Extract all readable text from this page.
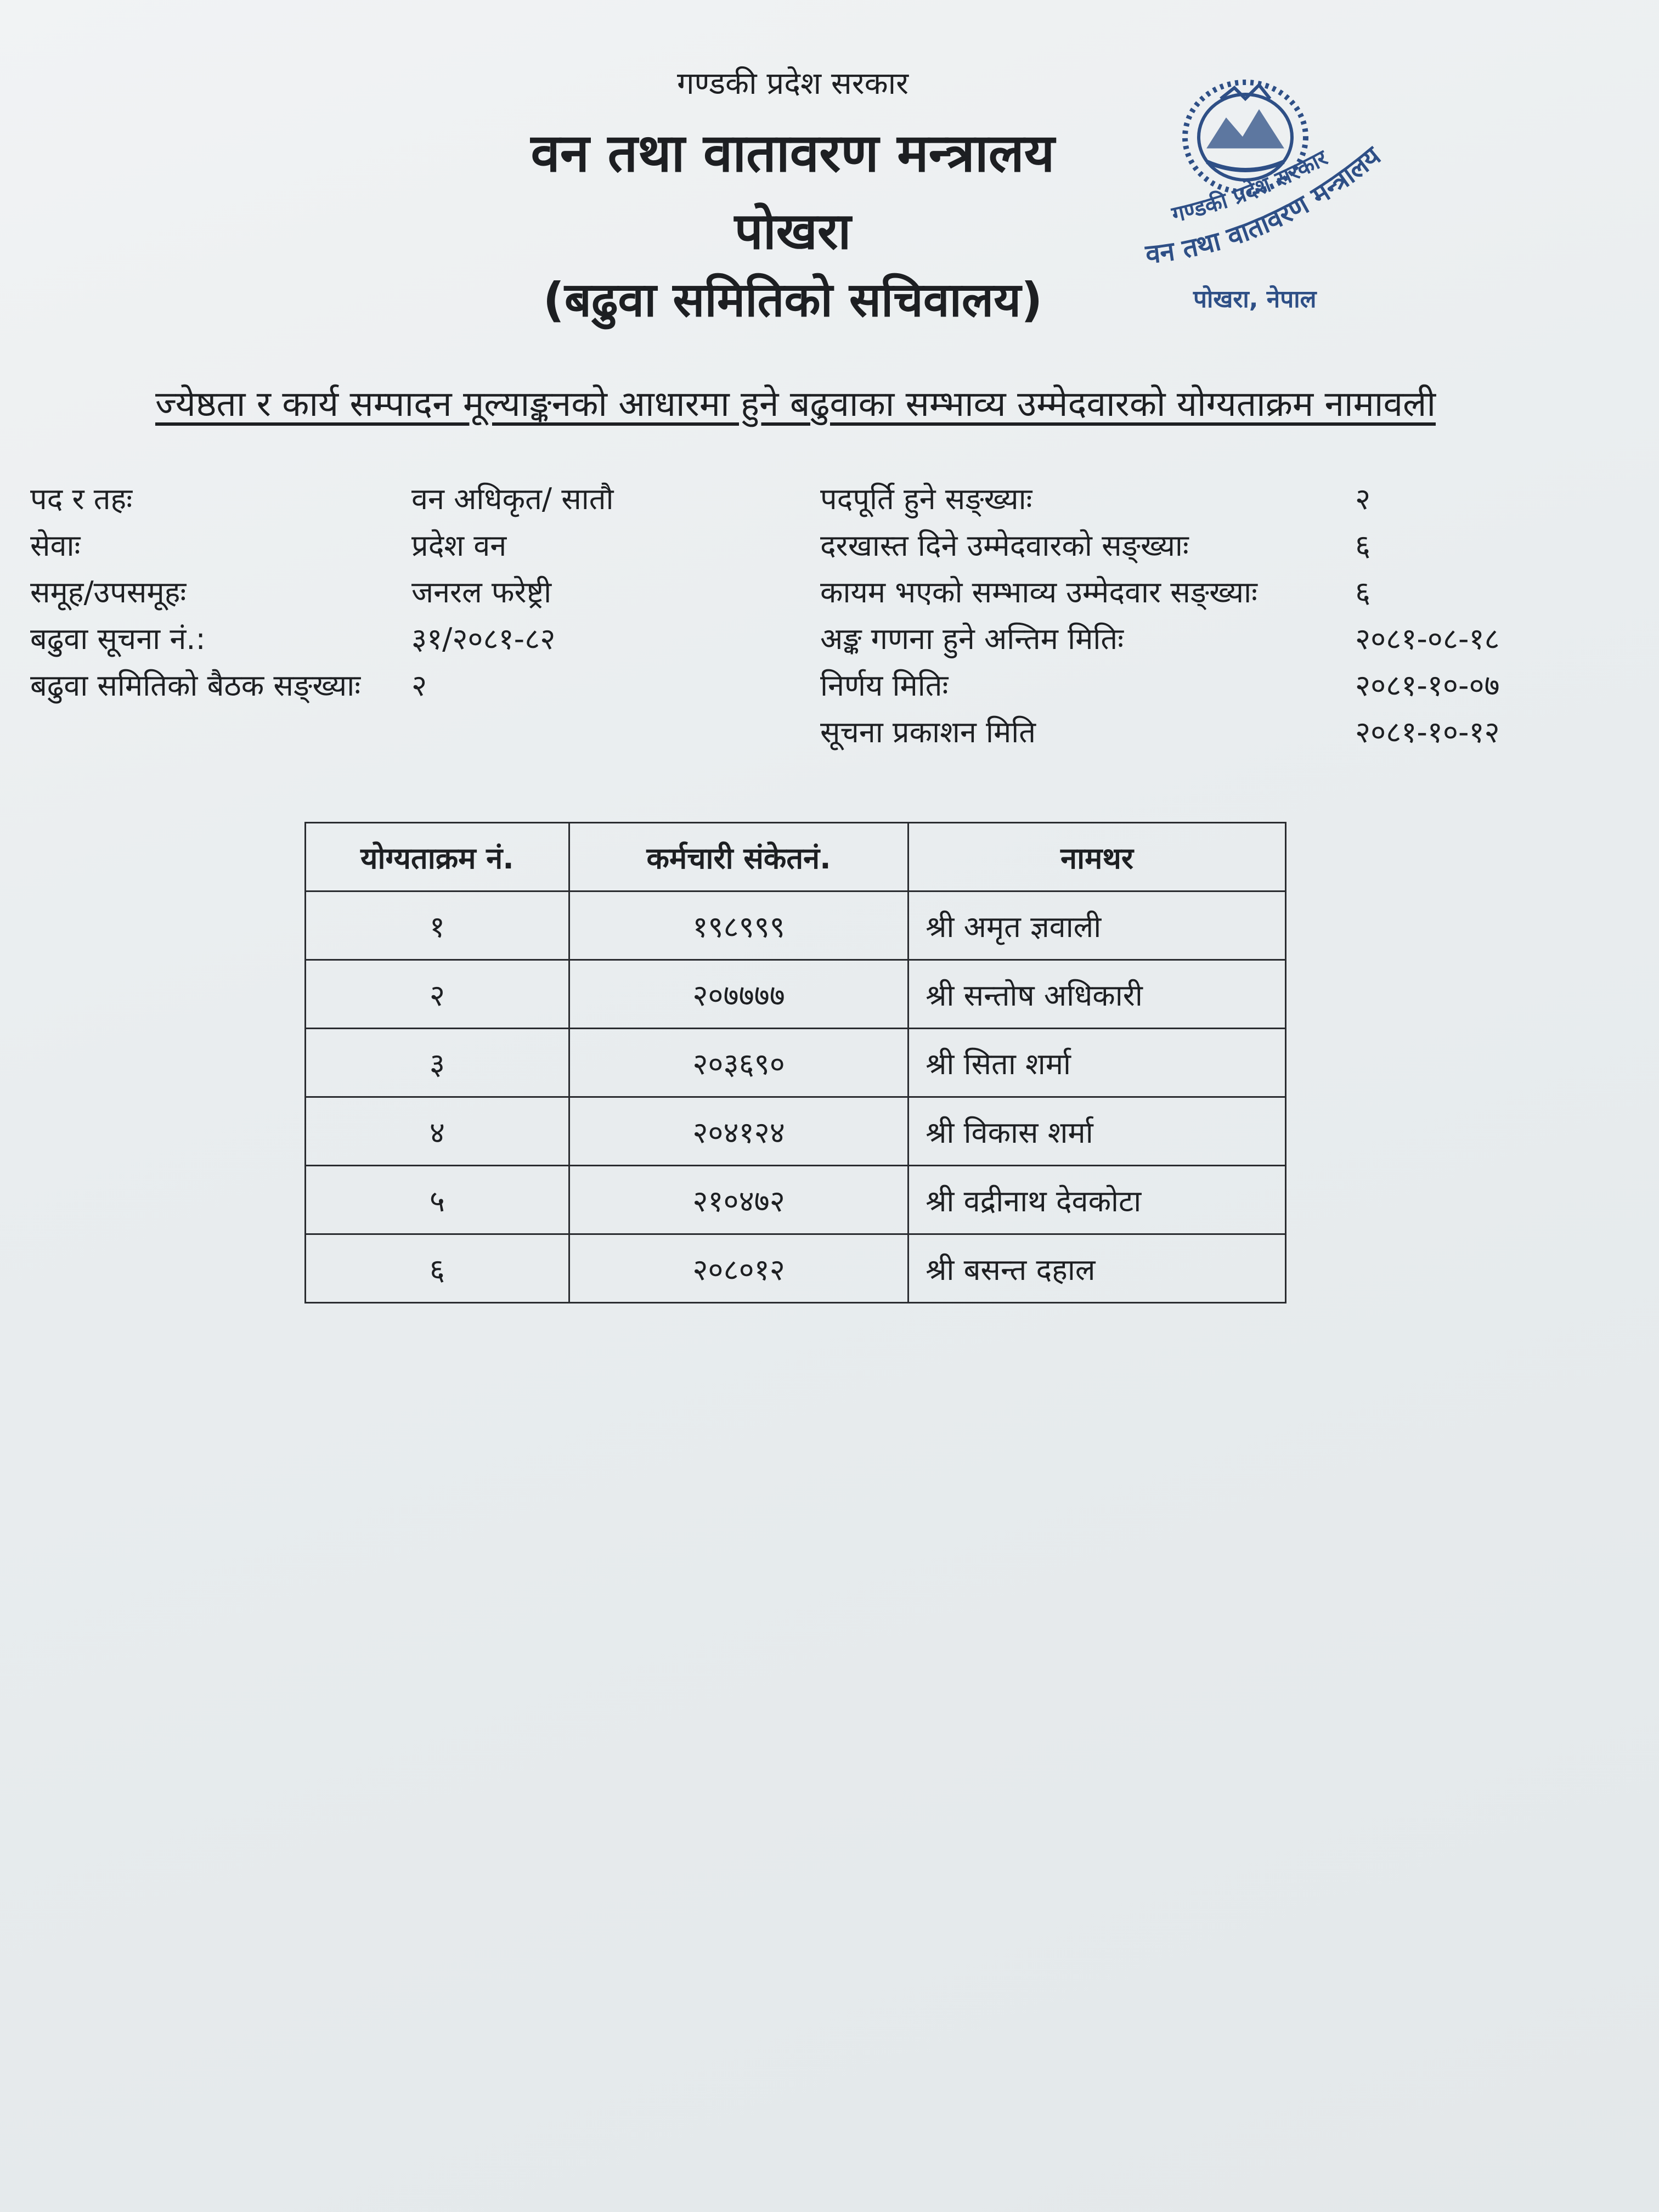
गण्डकी प्रदेश सरकार
वन तथा वातावरण मन्त्रालय
पोखरा
(बढुवा समितिको सचिवालय)
गण्डकी प्रदेश सरकार
वन तथा वातावरण मन्त्रालय
पोखरा, नेपाल
ज्येष्ठता र कार्य सम्पादन मूल्याङ्कनको आधारमा हुने बढुवाका सम्भाव्य उम्मेदवारको योग्यताक्रम नामावली
पद र तहः	वन अधिकृत/ सातौ
सेवाः	प्रदेश वन
समूह/उपसमूहः	जनरल फरेष्ट्री
बढुवा सूचना नं.:	३१/२०८१-८२
बढुवा समितिको बैठक सङ्ख्याः २
पदपूर्ति हुने सङ्ख्याः	२
दरखास्त दिने उम्मेदवारको सङ्ख्याः	६
कायम भएको सम्भाव्य उम्मेदवार सङ्ख्याः	६
अङ्क गणना हुने अन्तिम मितिः	२०८१-०८-१८
निर्णय मितिः	२०८१-१०-०७
सूचना प्रकाशन मिति	२०८१-१०-१२
योग्यताक्रम नं.	कर्मचारी संकेतनं.	नामथर
१	१९८९९९	श्री अमृत ज्ञवाली
२	२०७७७७	श्री सन्तोष अधिकारी
३	२०३६९०	श्री सिता शर्मा
४	२०४१२४	श्री विकास शर्मा
५	२१०४७२	श्री वद्रीनाथ देवकोटा
६	२०८०१२	श्री बसन्त दहाल
